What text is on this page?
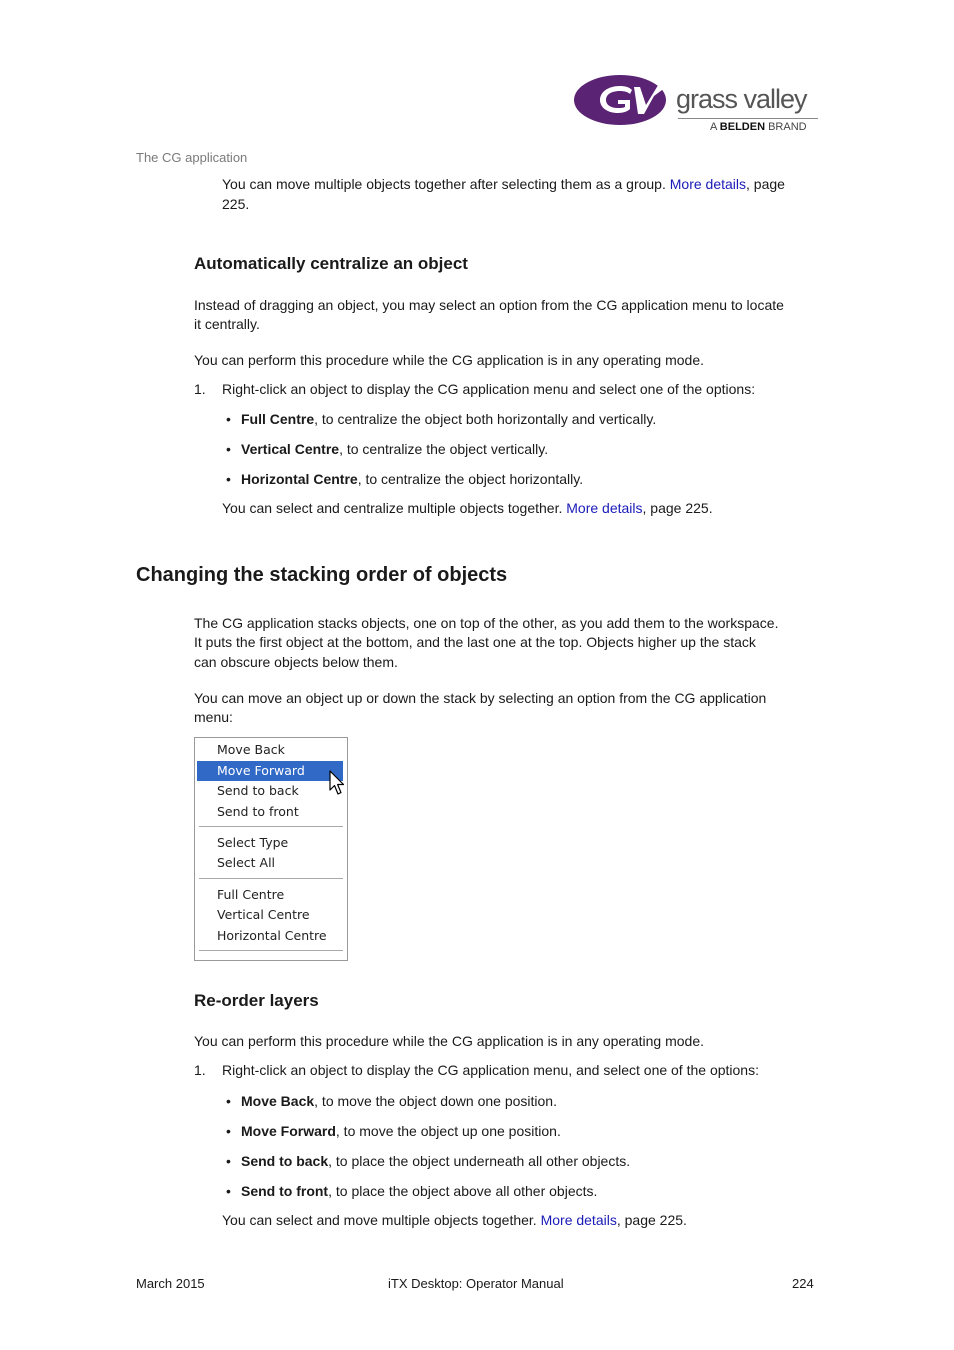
grass valley
A BELDEN BRAND
The CG application
You can move multiple objects together after selecting them as a group. More details, page
225.
Automatically centralize an object
Instead of dragging an object, you may select an option from the CG application menu to locate
it centrally.
You can perform this procedure while the CG application is in any operating mode.
1. Right-click an object to display the CG application menu and select one of the options:
• Full Centre, to centralize the object both horizontally and vertically.
• Vertical Centre, to centralize the object vertically.
• Horizontal Centre, to centralize the object horizontally.
You can select and centralize multiple objects together. More details, page 225.
Changing the stacking order of objects
The CG application stacks objects, one on top of the other, as you add them to the workspace.
It puts the first object at the bottom, and the last one at the top. Objects higher up the stack
can obscure objects below them.
You can move an object up or down the stack by selecting an option from the CG application
menu:
Move Back
Move Forward
Send to back
Send to front
Select Type
Select All
Full Centre
Vertical Centre
Horizontal Centre
Re-order layers
You can perform this procedure while the CG application is in any operating mode.
1. Right-click an object to display the CG application menu, and select one of the options:
• Move Back, to move the object down one position.
• Move Forward, to move the object up one position.
• Send to back, to place the object underneath all other objects.
• Send to front, to place the object above all other objects.
You can select and move multiple objects together. More details, page 225.
March 2015	iTX Desktop: Operator Manual	224
